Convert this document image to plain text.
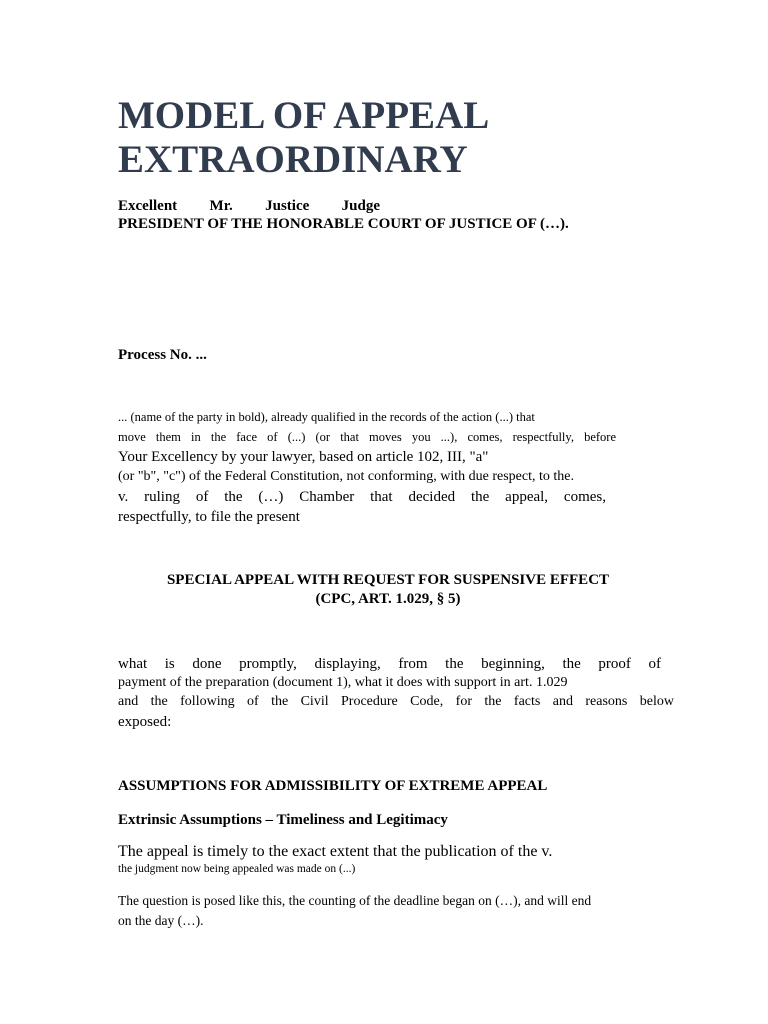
MODEL OF APPEAL
EXTRAORDINARY
Excellent Mr. Justice Judge
PRESIDENT OF THE HONORABLE COURT OF JUSTICE OF (…).
Process No. ...
... (name of the party in bold), already qualified in the records of the action (...) that
move them in the face of (...) (or that moves you ...), comes, respectfully, before
Your Excellency by your lawyer, based on article 102, III, "a"
(or "b", "c") of the Federal Constitution, not conforming, with due respect, to the.
v. ruling of the (…) Chamber that decided the appeal, comes,
respectfully, to file the present
SPECIAL APPEAL WITH REQUEST FOR SUSPENSIVE EFFECT
(CPC, ART. 1.029, § 5)
what is done promptly, displaying, from the beginning, the proof of
payment of the preparation (document 1), what it does with support in art. 1.029
and the following of the Civil Procedure Code, for the facts and reasons below
exposed:
ASSUMPTIONS FOR ADMISSIBILITY OF EXTREME APPEAL
Extrinsic Assumptions – Timeliness and Legitimacy
The appeal is timely to the exact extent that the publication of the v.
the judgment now being appealed was made on (...)
The question is posed like this, the counting of the deadline began on (…), and will end
on the day (…).
